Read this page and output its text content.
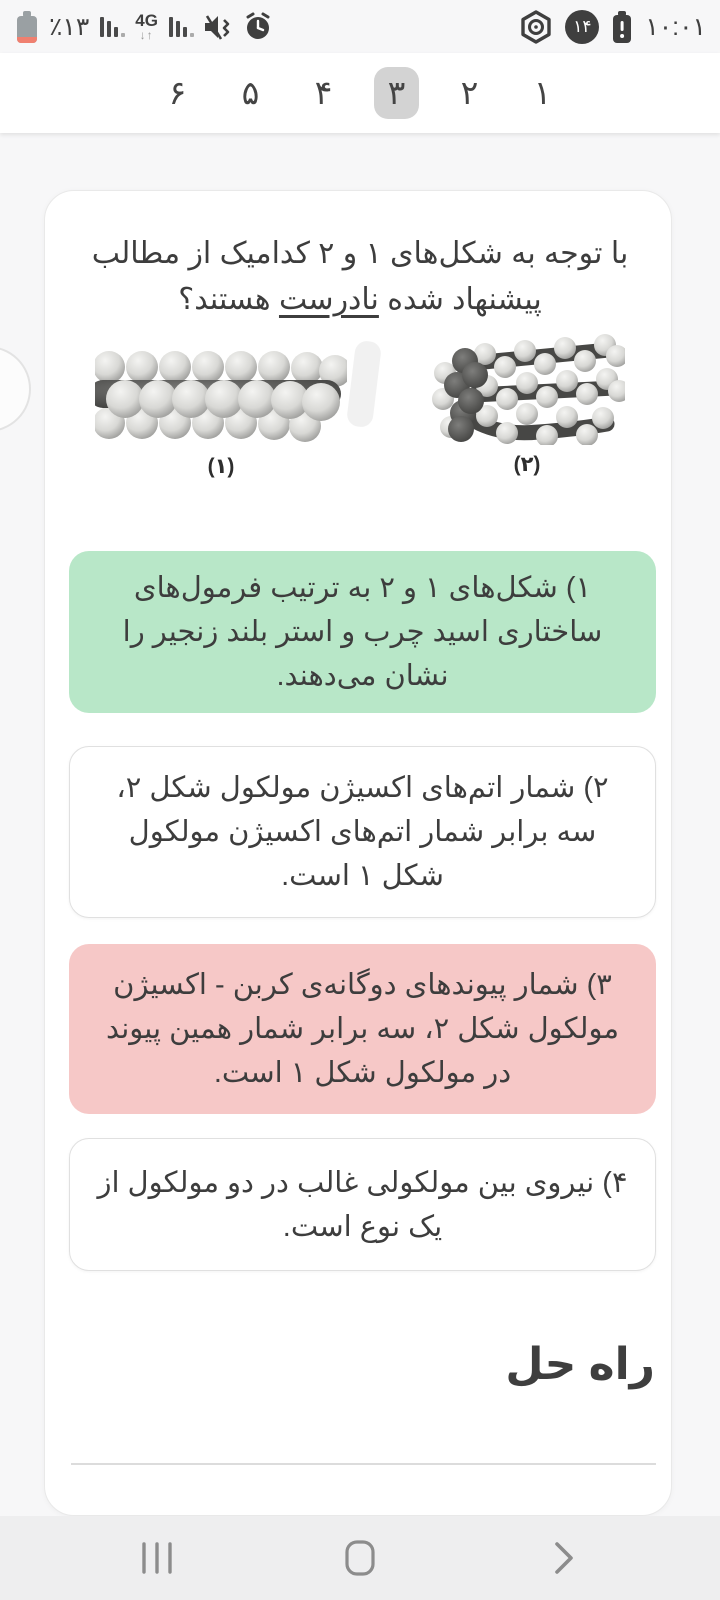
٪۱۳	4G
↓↑	۱۴ ۱۰:۰۱
۱
۲
۳
۴
۵
۶
با توجه به شکل‌های ۱ و ۲ کدامیک از مطالب پیشنهاد شده نادرست هستند؟
(۱)	(۲)
۱) شکل‌های ۱ و ۲ به ترتیب فرمول‌های ساختاری اسید چرب و استر بلند زنجیر را نشان می‌دهند.
۲) شمار اتم‌های اکسیژن مولکول شکل ۲، سه برابر شمار اتم‌های اکسیژن مولکول شکل ۱ است.
۳) شمار پیوندهای دوگانه‌ی کربن - اکسیژن مولکول شکل ۲، سه برابر شمار همین پیوند در مولکول شکل ۱ است.
۴) نیروی بین مولکولی غالب در دو مولکول از یک نوع است.
راه حل
